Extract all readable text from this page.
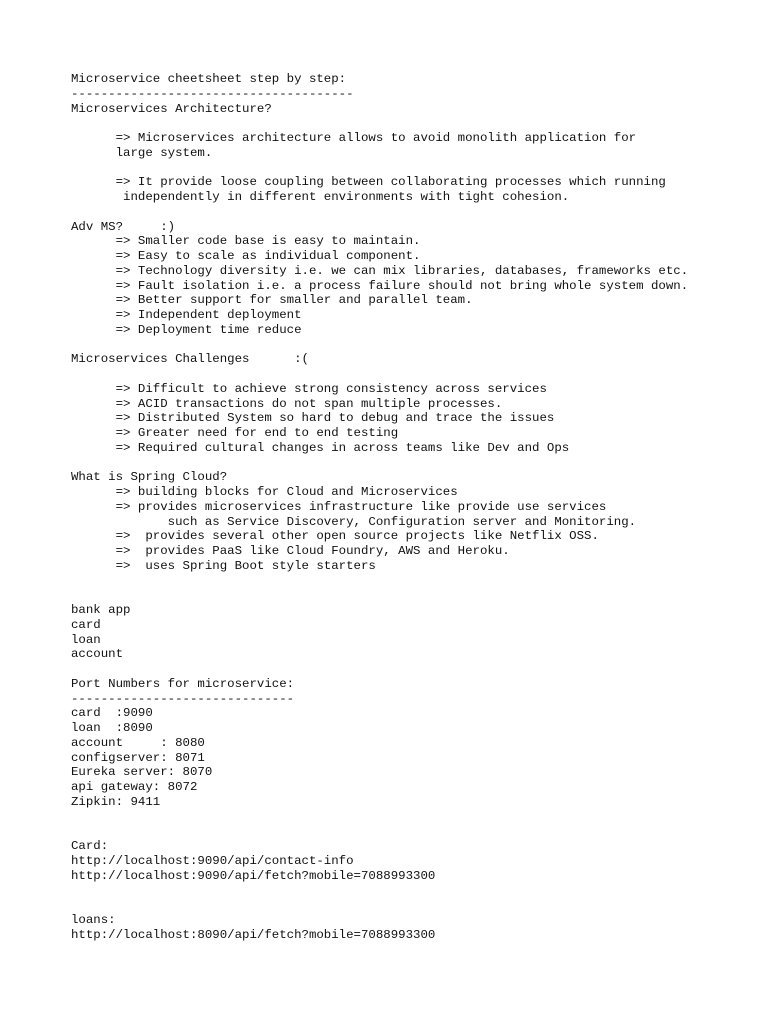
Microservice cheetsheet step by step:
--------------------------------------
Microservices Architecture?
=> Microservices architecture allows to avoid monolith application for
large system.
=> It provide loose coupling between collaborating processes which running
independently in different environments with tight cohesion.
Adv MS?     :)
=> Smaller code base is easy to maintain.
=> Easy to scale as individual component.
=> Technology diversity i.e. we can mix libraries, databases, frameworks etc.
=> Fault isolation i.e. a process failure should not bring whole system down.
=> Better support for smaller and parallel team.
=> Independent deployment
=> Deployment time reduce
Microservices Challenges      :(
=> Difficult to achieve strong consistency across services
=> ACID transactions do not span multiple processes.
=> Distributed System so hard to debug and trace the issues
=> Greater need for end to end testing
=> Required cultural changes in across teams like Dev and Ops
What is Spring Cloud?
=> building blocks for Cloud and Microservices
=> provides microservices infrastructure like provide use services
such as Service Discovery, Configuration server and Monitoring.
=>  provides several other open source projects like Netflix OSS.
=>  provides PaaS like Cloud Foundry, AWS and Heroku.
=>  uses Spring Boot style starters
bank app
card
loan
account
Port Numbers for microservice:
------------------------------
card  :9090
loan  :8090
account     : 8080
configserver: 8071
Eureka server: 8070
api gateway: 8072
Zipkin: 9411
Card:
http://localhost:9090/api/contact-info
http://localhost:9090/api/fetch?mobile=7088993300
loans:
http://localhost:8090/api/fetch?mobile=7088993300
